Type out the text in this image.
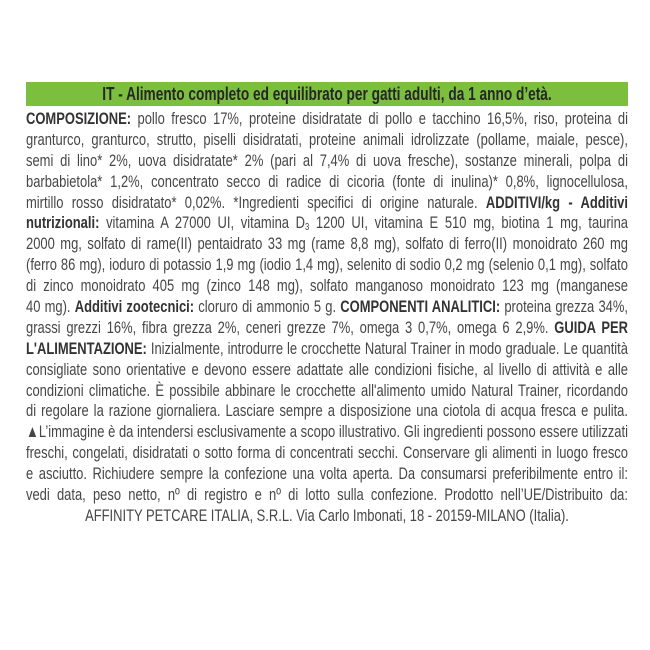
IT - Alimento completo ed equilibrato per gatti adulti, da 1 anno d’età.
COMPOSIZIONE: pollo fresco 17%, proteine disidratate di pollo e tacchino 16,5%, riso, proteina di
granturco, granturco, strutto, piselli disidratati, proteine animali idrolizzate (pollame, maiale, pesce),
semi di lino* 2%, uova disidratate* 2% (pari al 7,4% di uova fresche), sostanze minerali, polpa di
barbabietola* 1,2%, concentrato secco di radice di cicoria (fonte di inulina)* 0,8%, lignocellulosa,
mirtillo rosso disidratato* 0,02%. *Ingredienti specifici di origine naturale. ADDITIVI/kg - Additivi
nutrizionali: vitamina A 27000 UI, vitamina $D_3$ 1200 UI, vitamina E 510 mg, biotina 1 mg, taurina
2000 mg, solfato di rame(II) pentaidrato 33 mg (rame 8,8 mg), solfato di ferro(II) monoidrato 260 mg
(ferro 86 mg), ioduro di potassio 1,9 mg (iodio 1,4 mg), selenito di sodio 0,2 mg (selenio 0,1 mg), solfato
di zinco monoidrato 405 mg (zinco 148 mg), solfato manganoso monoidrato 123 mg (manganese
40 mg). Additivi zootecnici: cloruro di ammonio 5 g. COMPONENTI ANALITICI: proteina grezza 34%,
grassi grezzi 16%, fibra grezza 2%, ceneri grezze 7%, omega 3 0,7%, omega 6 2,9%. GUIDA PER
L'ALIMENTAZIONE: Inizialmente, introdurre le crocchette Natural Trainer in modo graduale. Le quantità
consigliate sono orientative e devono essere adattate alle condizioni fisiche, al livello di attività e alle
condizioni climatiche. È possibile abbinare le crocchette all'alimento umido Natural Trainer, ricordando
di regolare la razione giornaliera. Lasciare sempre a disposizione una ciotola di acqua fresca e pulita.
▲L’immagine è da intendersi esclusivamente a scopo illustrativo. Gli ingredienti possono essere utilizzati
freschi, congelati, disidratati o sotto forma di concentrati secchi. Conservare gli alimenti in luogo fresco
e asciutto. Richiudere sempre la confezione una volta aperta. Da consumarsi preferibilmente entro il:
vedi data, peso netto, nº di registro e nº di lotto sulla confezione. Prodotto nell’UE/Distribuito da:
AFFINITY PETCARE ITALIA, S.R.L. Via Carlo Imbonati, 18 - 20159-MILANO (Italia).
